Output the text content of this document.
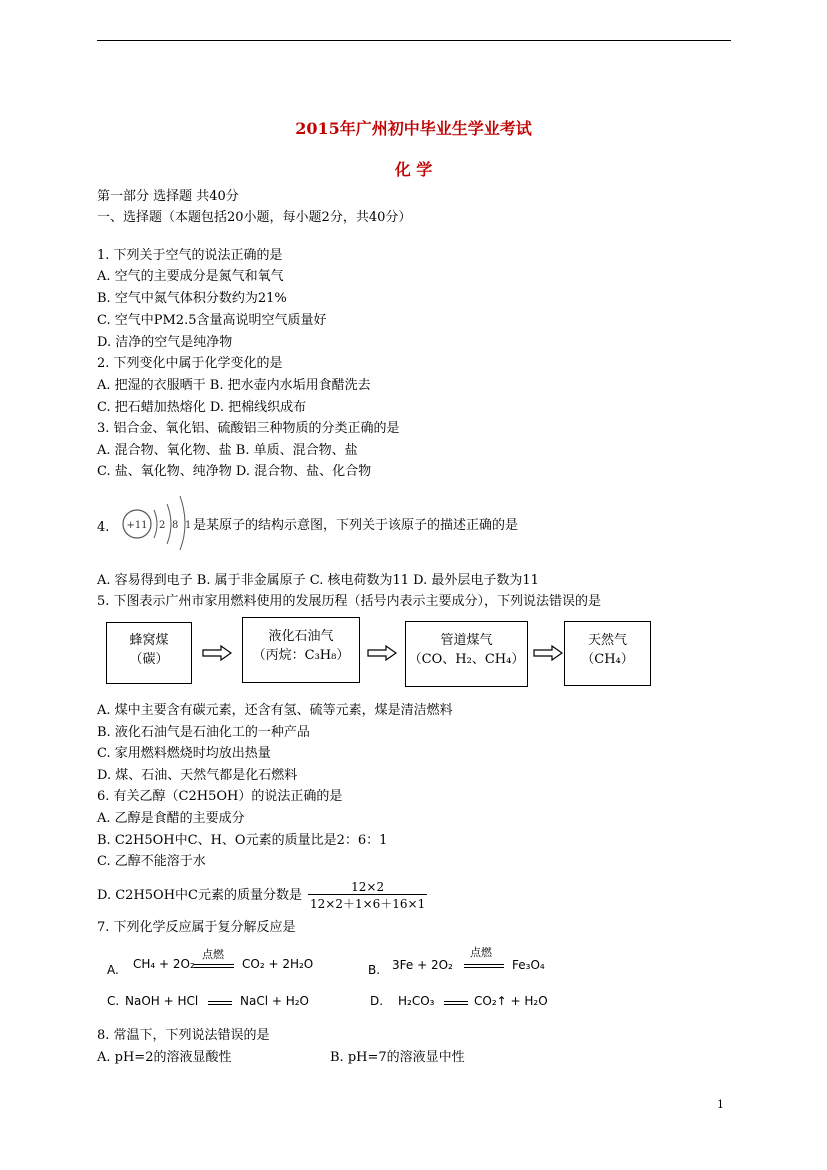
2015年广州初中毕业生学业考试
化 学
第一部分 选择题 共40分
一、选择题（本题包括20小题，每小题2分，共40分）
1. 下列关于空气的说法正确的是
A. 空气的主要成分是氮气和氧气
B. 空气中氮气体积分数约为21%
C. 空气中PM2.5含量高说明空气质量好
D. 洁净的空气是纯净物
2. 下列变化中属于化学变化的是
A. 把湿的衣服晒干 B. 把水壶内水垢用食醋洗去
C. 把石蜡加热熔化 D. 把棉线织成布
3. 铝合金、氧化铝、硫酸铝三种物质的分类正确的是
A. 混合物、氧化物、盐 B. 单质、混合物、盐
C. 盐、氧化物、纯净物 D. 混合物、盐、化合物
4. +11 2 8 1 是某原子的结构示意图，下列关于该原子的描述正确的是
A. 容易得到电子 B. 属于非金属原子 C. 核电荷数为11 D. 最外层电子数为11
5. 下图表示广州市家用燃料使用的发展历程（括号内表示主要成分），下列说法错误的是
蜂窝煤
（碳）
液化石油气
（丙烷：C₃H₈）
管道煤气
（CO、H₂、CH₄）
天然气
（CH₄）
A. 煤中主要含有碳元素，还含有氢、硫等元素，煤是清洁燃料
B. 液化石油气是石油化工的一种产品
C. 家用燃料燃烧时均放出热量
D. 煤、石油、天然气都是化石燃料
6. 有关乙醇（C2H5OH）的说法正确的是
A. 乙醇是食醋的主要成分
B. C2H5OH中C、H、O元素的质量比是2：6：1
C. 乙醇不能溶于水
D. C2H5OH中C元素的质量分数是 $\frac{12\times 2}{12\times 2+1\times 6+16\times 1}$
7. 下列化学反应属于复分解反应是
A. CH₄ + 2O₂
点燃
CO₂ + 2H₂O	B. 3Fe + 2O₂
点燃
Fe₃O₄
C. NaOH + HCl	NaCl + H₂O	D. H₂CO₃	CO₂↑ + H₂O
8. 常温下，下列说法错误的是
A. pH=2的溶液显酸性	B. pH=7的溶液显中性
1
